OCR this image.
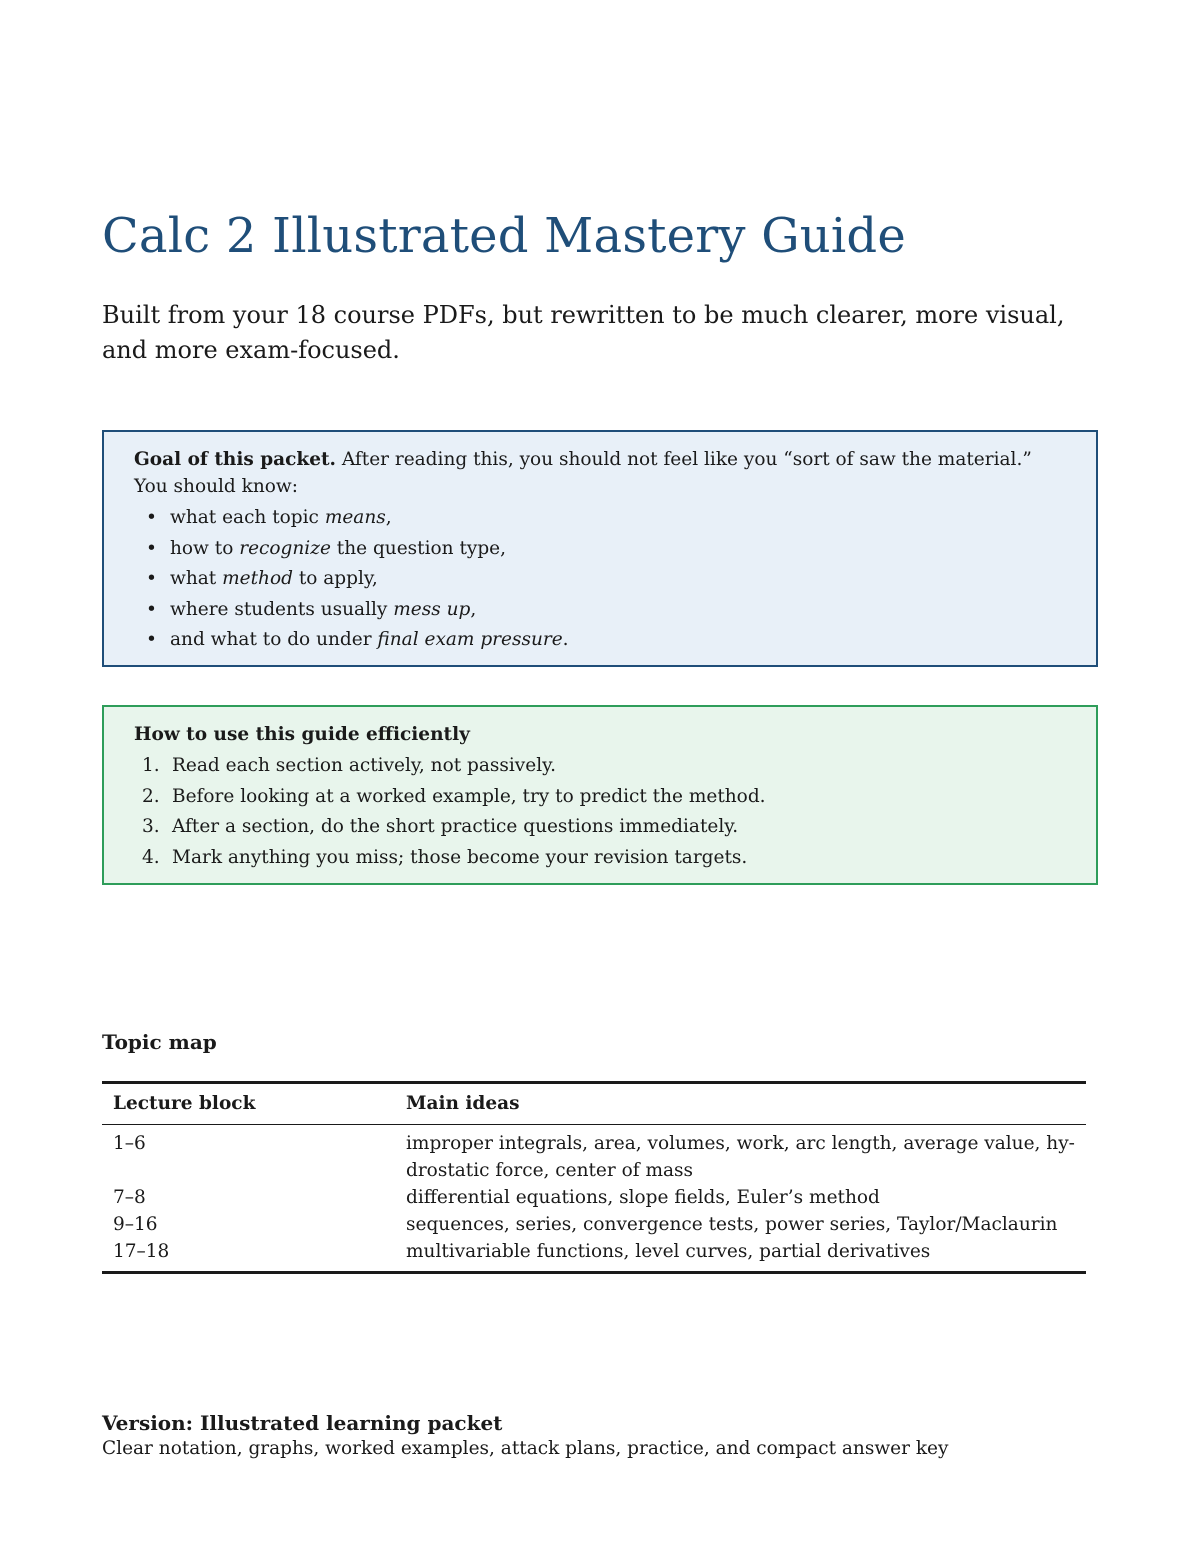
Calc 2 Illustrated Mastery Guide

Built from your 18 course PDFs, but rewritten to be much clearer, more visual, and more exam-focused.

Goal of this packet. After reading this, you should not feel like you “sort of saw the material.”

You should know:

• what each topic means,
• how to recognize the question type,
• what method to apply,
• where students usually mess up,
• and what to do under final exam pressure.

How to use this guide efficiently

1. Read each section actively, not passively.
2. Before looking at a worked example, try to predict the method.
3. After a section, do the short practice questions immediately.
4. Mark anything you miss; those become your revision targets.
Topic map
Lecture block	Main ideas
1–6	improper integrals, area, volumes, work, arc length, average value, hy-
drostatic force, center of mass
7–8	differential equations, slope fields, Euler’s method
9–16	sequences, series, convergence tests, power series, Taylor/Maclaurin
17–18	multivariable functions, level curves, partial derivatives

Version: Illustrated learning packet

Clear notation, graphs, worked examples, attack plans, practice, and compact answer key
